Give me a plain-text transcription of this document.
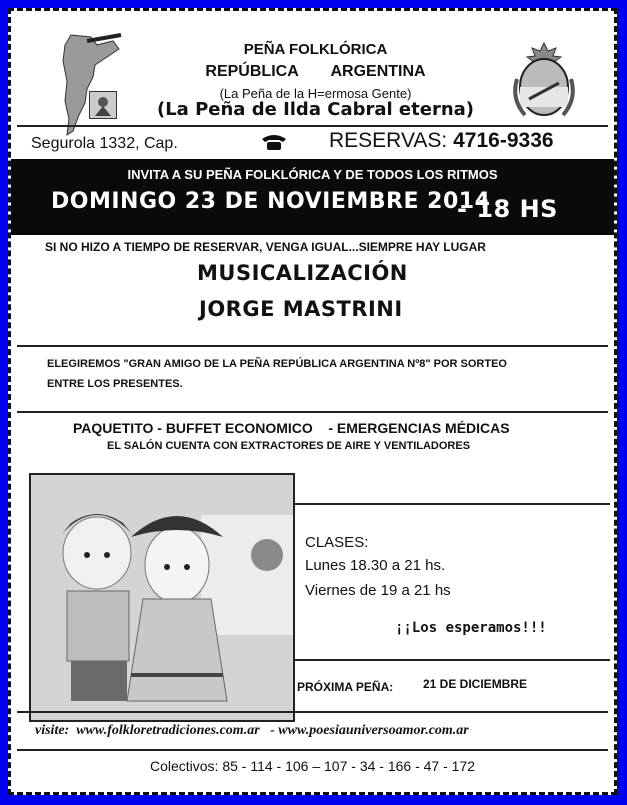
PEÑA FOLKLÓRICA
REPÚBLICA ARGENTINA
(La Peña de la H=ermosa Gente)
(La Peña de Ilda Cabral eterna)
Segurola 1332, Cap.	RESERVAS: 4716-9336
INVITA A SU PEÑA FOLKLÓRICA Y DE TODOS LOS RITMOS
DOMINGO 23 DE NOVIEMBRE 2014
- 18 HS
SI NO HIZO A TIEMPO DE RESERVAR, VENGA IGUAL...SIEMPRE HAY LUGAR
MUSICALIZACIÓN
JORGE MASTRINI
ELEGIREMOS "GRAN AMIGO DE LA PEÑA REPÚBLICA ARGENTINA Nº8" POR SORTEO
ENTRE LOS PRESENTES.
PAQUETITO - BUFFET ECONOMICO    - EMERGENCIAS MÉDICAS
EL SALÓN CUENTA CON EXTRACTORES DE AIRE Y VENTILADORES
CLASES:
Lunes 18.30 a 21 hs.
Viernes de 19 a 21 hs
¡¡Los esperamos!!!
PRÓXIMA PEÑA: 21 DE DICIEMBRE
visite:  www.folkloretradiciones.com.ar   - www.poesiauniversoamor.com.ar
Colectivos: 85 - 114 - 106 – 107 - 34 - 166 - 47 - 172
